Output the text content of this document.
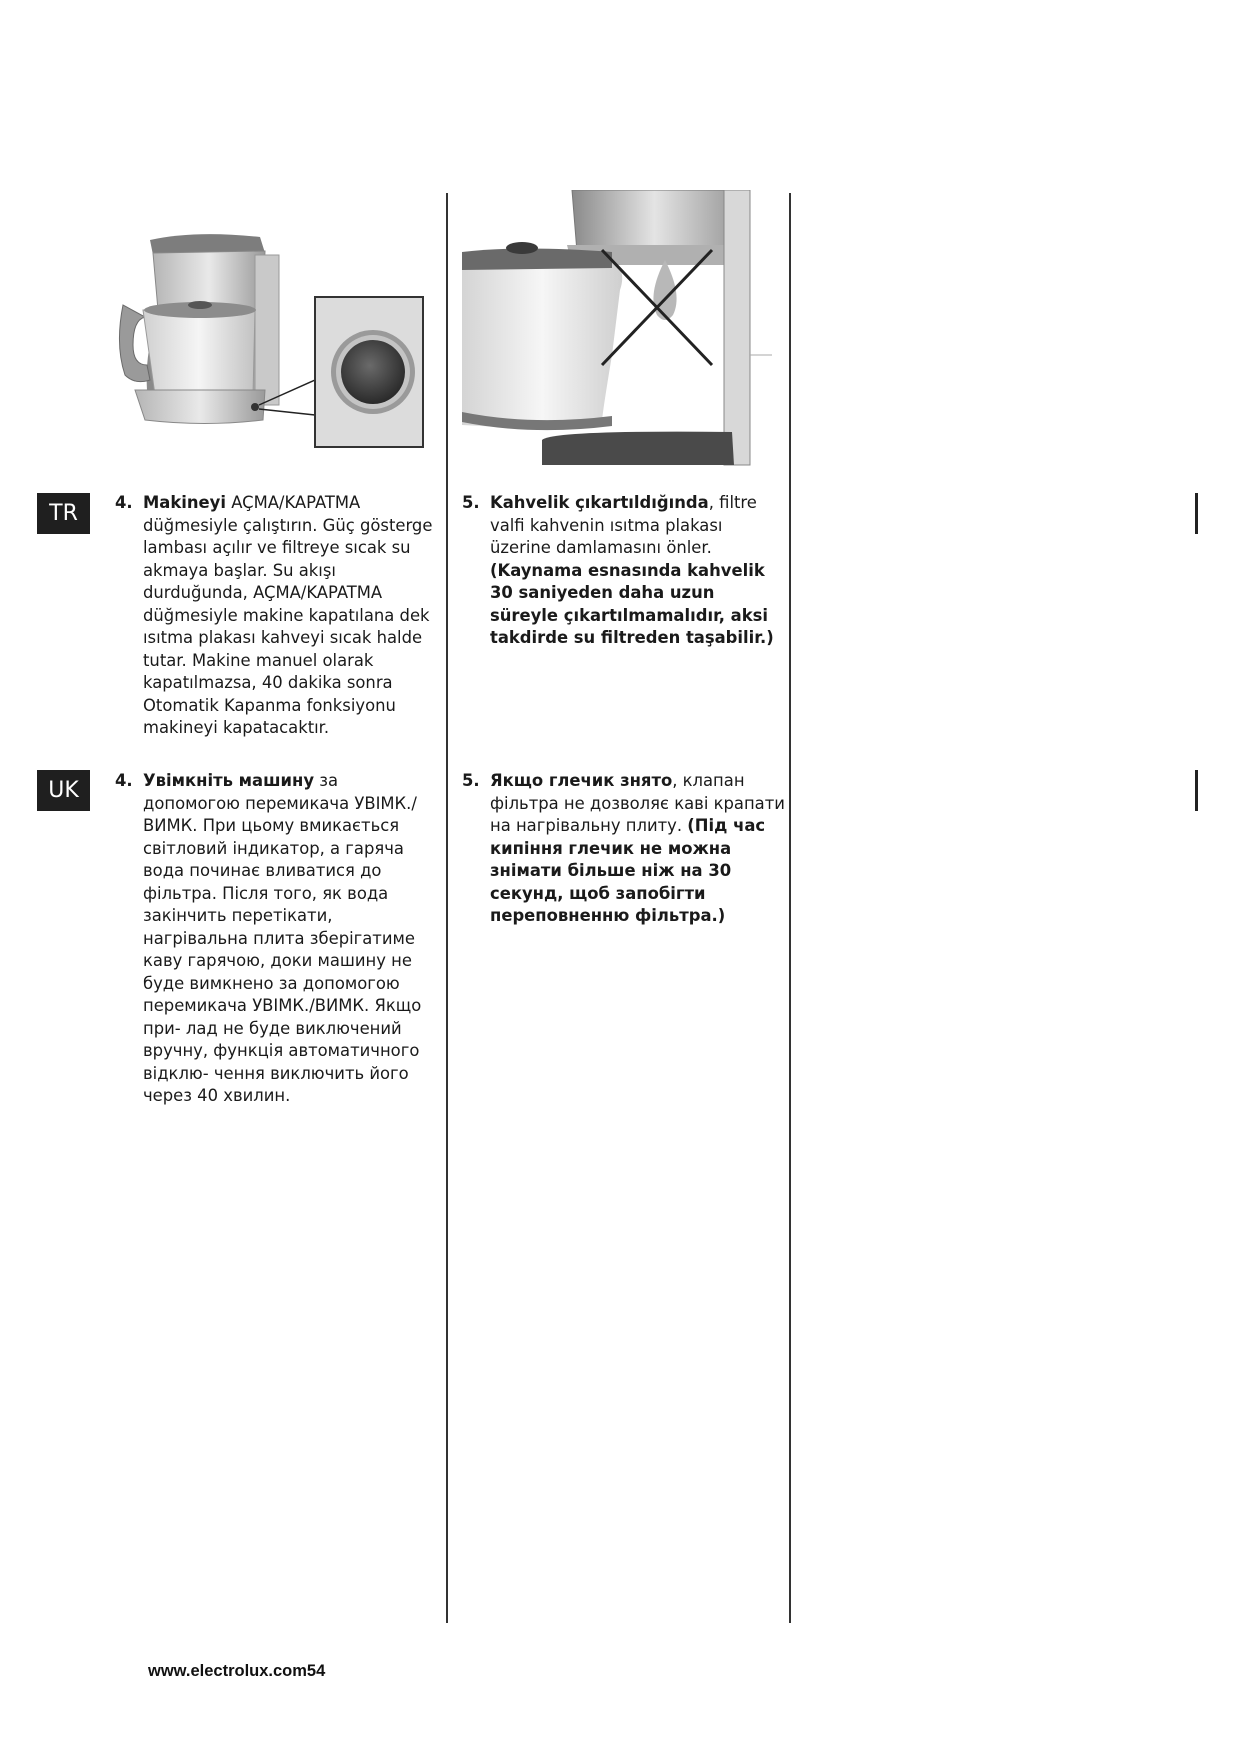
TR	4. Makineyi AÇMA/KAPATMA düğmesiyle çalıştırın. Güç gösterge lambası açılır ve filtreye sıcak su akmaya başlar. Su akışı durduğunda, AÇMA/KAPATMA düğmesiyle makine kapatılana dek ısıtma plakası kahveyi sıcak halde tutar. Makine manuel olarak kapatılmazsa, 40 dakika sonra Otomatik Kapanma fonksiyonu makineyi kapatacaktır.
5. Kahvelik çıkartıldığında, filtre valfi kahvenin ısıtma plakası üzerine damlamasını önler.
(Kaynama esnasında kahvelik 30 saniyeden daha uzun süreyle çıkartılmamalıdır, aksi takdirde su filtreden taşabilir.)
UK	4. Увімкніть машину за допомогою перемикача УВІМК./ВИМК. При цьому вмикається світловий індикатор, а гаряча вода починає вливатися до фільтра. Після того, як вода закінчить перетікати, нагрівальна плита зберігатиме каву гарячою, доки машину не буде вимкнено за допомогою перемикача УВІМК./ВИМК. Якщо при- лад не буде виключений вручну, функція автоматичного відклю- чення виключить його через 40 хвилин.
5. Якщо глечик знято, клапан фільтра не дозволяє каві крапати на нагрівальну плиту. (Під час кипіння глечик не можна знімати більше ніж на 30 секунд, щоб запобігти переповненню фільтра.)
www.electrolux.com54
